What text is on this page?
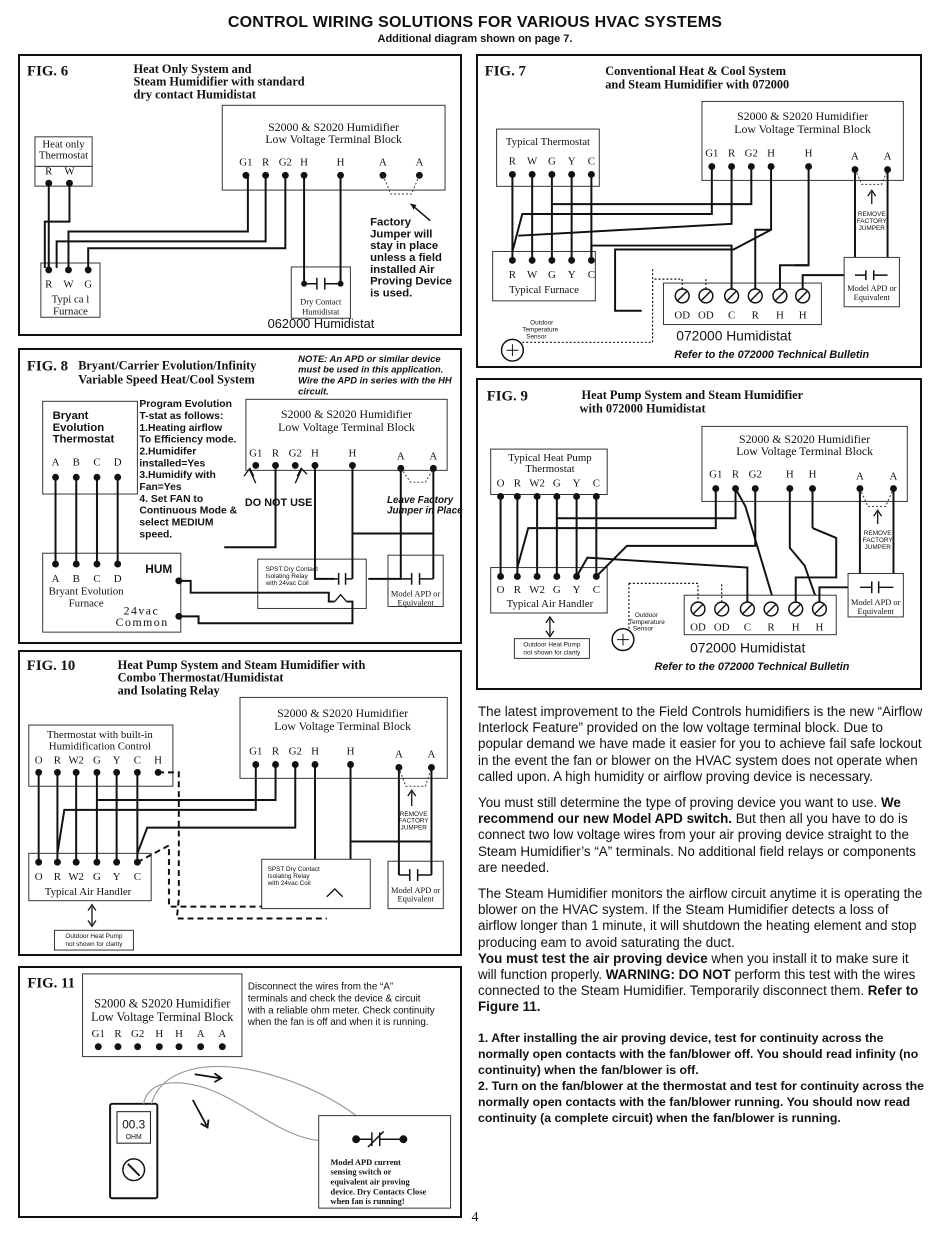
CONTROL WIRING SOLUTIONS FOR VARIOUS HVAC SYSTEMS
Additional diagram shown on page 7.
FIG. 6	Heat Only System and
Steam Humidifier with standard
dry contact Humidistat
S2000 & S2020 Humidifier
Low Voltage Terminal Block
G1 R G2 H	H	A	A
Heat only
Thermostat
R W
R W G
Typi ca l
Furnace
Dry Contact
Humidistat
Factory
Jumper will
stay in place
unless a field
installed Air
Proving Device
is used.
062000 Humidistat
FIG. 7	Conventional Heat & Cool System
and Steam Humidifier with 072000
S2000 & S2020 Humidifier
Low Voltage Terminal Block
G1 R G2 H	H	A A
REMOVE
FACTORY
JUMPER
Typical Thermostat
R W G Y C
R W G Y C
Typical Furnace
OD OD C R H H
Model APD or
Equivalent
Outdoor
Temperature
Sensor	072000 Humidistat
Refer to the 072000 Technical Bulletin
FIG. 8 Bryant/Carrier Evolution/Infinity
Variable Speed Heat/Cool System
NOTE: An APD or similar device
must be used in this application.
Wire the APD in series with the HH
circuit.
S2000 & S2020 Humidifier
Low Voltage Terminal Block
G1 R G2 H	H	A A
DO NOT USE	Leave Factory
Jumper in Place
Bryant
Evolution
Thermostat
A B C D
Program Evolution
T-stat as follows:
1.Heating airflow
To Efficiency mode.
2.Humidifer
installed=Yes
3.Humidify with
Fan=Yes
4. Set FAN to
Continuous Mode &
select MEDIUM
speed.
A B C D
Bryant Evolution
Furnace
HUM
24vac
Common
SPST Dry Contact
Isolating Relay
with 24vac Coil
Model APD or
Equivalent
FIG. 9	Heat Pump System and Steam Humidifier
with 072000 Humidistat
S2000 & S2020 Humidifier
Low Voltage Terminal Block
G1 R G2 H H	A A
REMOVE
FACTORY
JUMPER
Typical Heat Pump
Thermostat
O R W2 G Y C
O R W2 G Y C
Typical Air Handler
Outdoor Heat Pump
not shown for clarity
OD OD C R H H
Model APD or
Equivalent
Outdoor
Temperature
Sensor
072000 Humidistat
Refer to the 072000 Technical Bulletin
FIG. 10	Heat Pump System and Steam Humidifier with
Combo Thermostat/Humidistat
and Isolating Relay
S2000 & S2020 Humidifier
Low Voltage Terminal Block
G1 R G2 H	H	A A
REMOVE
FACTORY
JUMPER
Thermostat with built-in
Humidification Control
O R W2 G Y C H
O R W2 G Y C
Typical Air Handler
SPST Dry Contact
Isolating Relay
with 24vac Coil
Model APD or
Equivalent
Outdoor Heat Pump
not shown for clarity
FIG. 11
S2000 & S2020 Humidifier
Low Voltage Terminal Block
G1 R G2 H H A A
Disconnect the wires from the “A”
terminals and check the device & circuit
with a reliable ohm meter. Check continuity
when the fan is off and when it is running.
00.3
OHM
Model APD current
sensing switch or
equivalent air proving
device. Dry Contacts Close
when fan is running!

The latest improvement to the Field Controls humidifiers is the new “Airflow Interlock Feature” provided on the low voltage terminal block. Due to popular demand we have made it easier for you to achieve fail safe lockout in the event the fan or blower on the HVAC system does not operate when called upon. A high humidity or airflow proving device is necessary.

You must still determine the type of proving device you want to use. We recommend our new Model APD switch. But then all you have to do is connect two low voltage wires from your air proving device straight to the Steam Humidifier’s “A” terminals. No additional field relays or components are needed.

The Steam Humidifier monitors the airflow circuit anytime it is operating the blower on the HVAC system. If the Steam Humidifier detects a loss of airflow longer than 1 minute, it will shutdown the heating element and stop producing eam to avoid saturating the duct.

You must test the air proving device when you install it to make sure it will function properly. WARNING: DO NOT perform this test with the wires connected to the Steam Humidifier. Temporarily disconnect them. Refer to Figure 11.

1. After installing the air proving device, test for continuity across the normally open contacts with the fan/blower off. You should read infinity (no continuity) when the fan/blower is off.
2. Turn on the fan/blower at the thermostat and test for continuity across the normally open contacts with the fan/blower running. You should now read continuity (a complete circuit) when the fan/blower is running.
4
